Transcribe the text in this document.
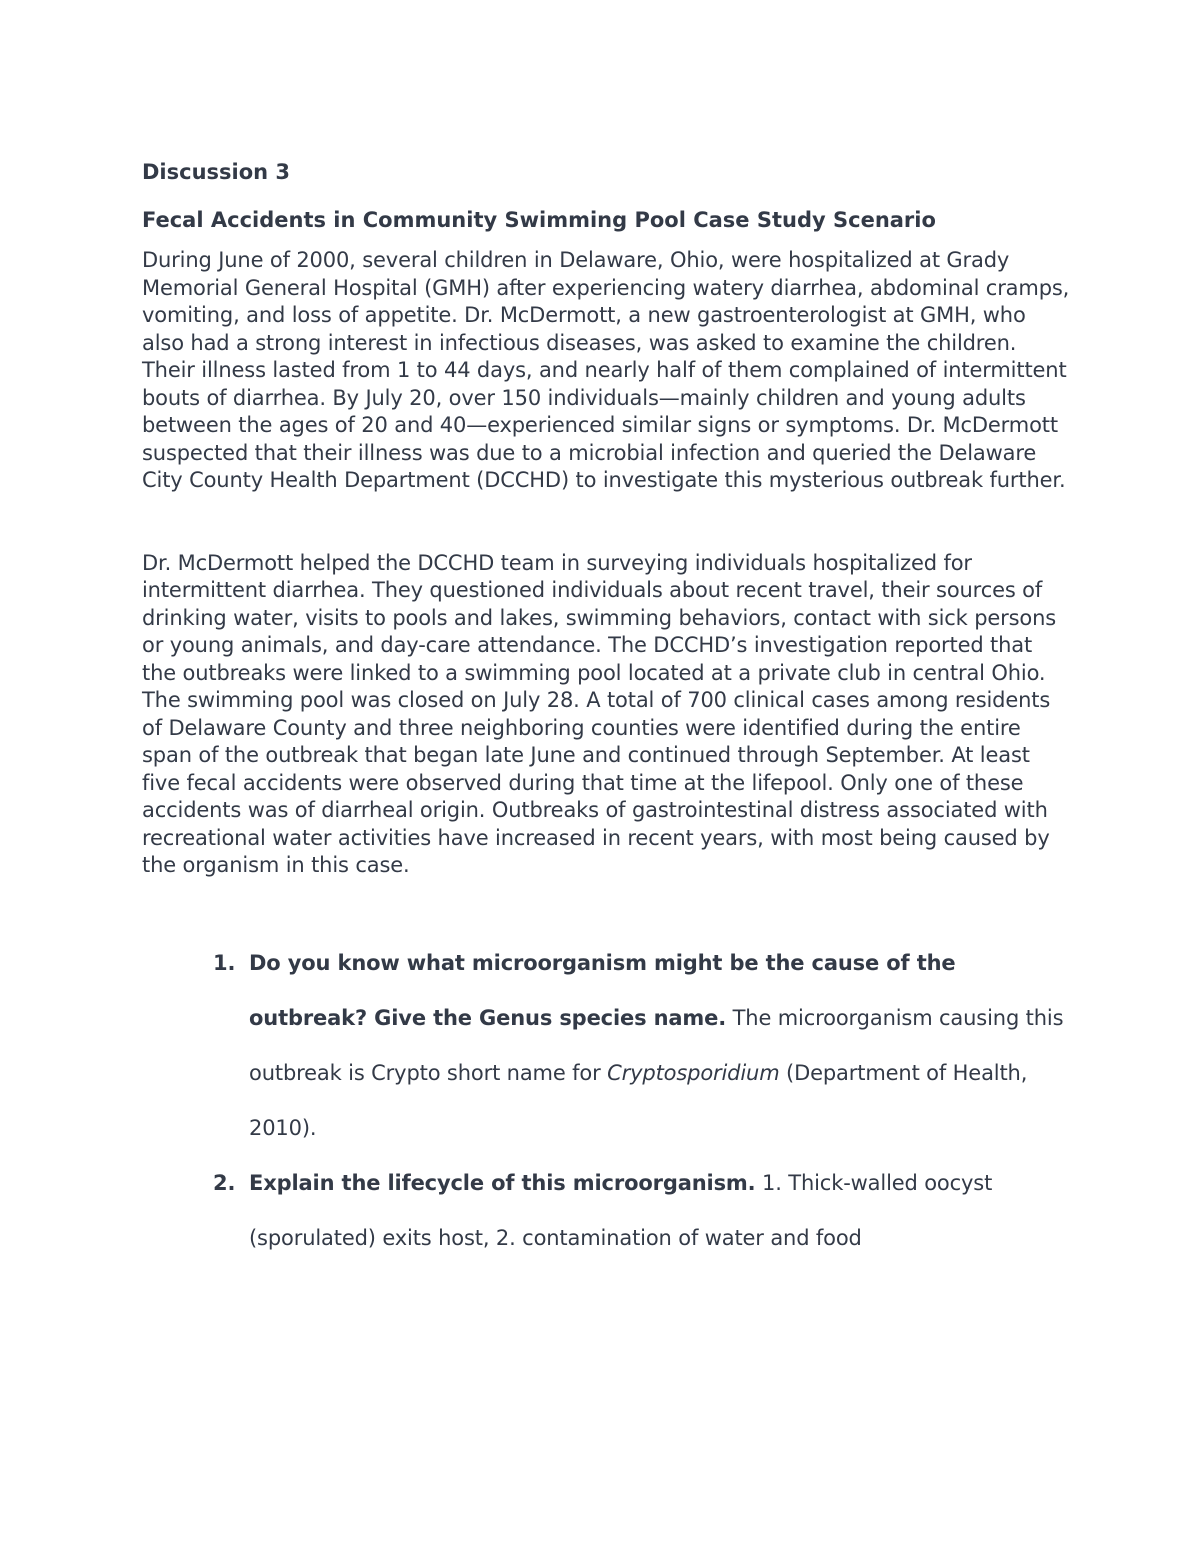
Discussion 3

Fecal Accidents in Community Swimming Pool Case Study Scenario

During June of 2000, several children in Delaware, Ohio, were hospitalized at Grady Memorial General Hospital (GMH) after experiencing watery diarrhea, abdominal cramps, vomiting, and loss of appetite. Dr. McDermott, a new gastroenterologist at GMH, who also had a strong interest in infectious diseases, was asked to examine the children. Their illness lasted from 1 to 44 days, and nearly half of them complained of intermittent bouts of diarrhea. By July 20, over 150 individuals—mainly children and young adults between the ages of 20 and 40—experienced similar signs or symptoms. Dr. McDermott suspected that their illness was due to a microbial infection and queried the Delaware City County Health Department (DCCHD) to investigate this mysterious outbreak further.

Dr. McDermott helped the DCCHD team in surveying individuals hospitalized for intermittent diarrhea. They questioned individuals about recent travel, their sources of drinking water, visits to pools and lakes, swimming behaviors, contact with sick persons or young animals, and day-care attendance. The DCCHD’s investigation reported that the outbreaks were linked to a swimming pool located at a private club in central Ohio. The swimming pool was closed on July 28. A total of 700 clinical cases among residents of Delaware County and three neighboring counties were identified during the entire span of the outbreak that began late June and continued through September. At least five fecal accidents were observed during that time at the lifepool. Only one of these accidents was of diarrheal origin. Outbreaks of gastrointestinal distress associated with recreational water activities have increased in recent years, with most being caused by the organism in this case.

1. Do you know what microorganism might be the cause of the outbreak? Give the Genus species name. The microorganism causing this outbreak is Crypto short name for Cryptosporidium (Department of Health, 2010).
2. Explain the lifecycle of this microorganism. 1. Thick-walled oocyst (sporulated) exits host, 2. contamination of water and food
